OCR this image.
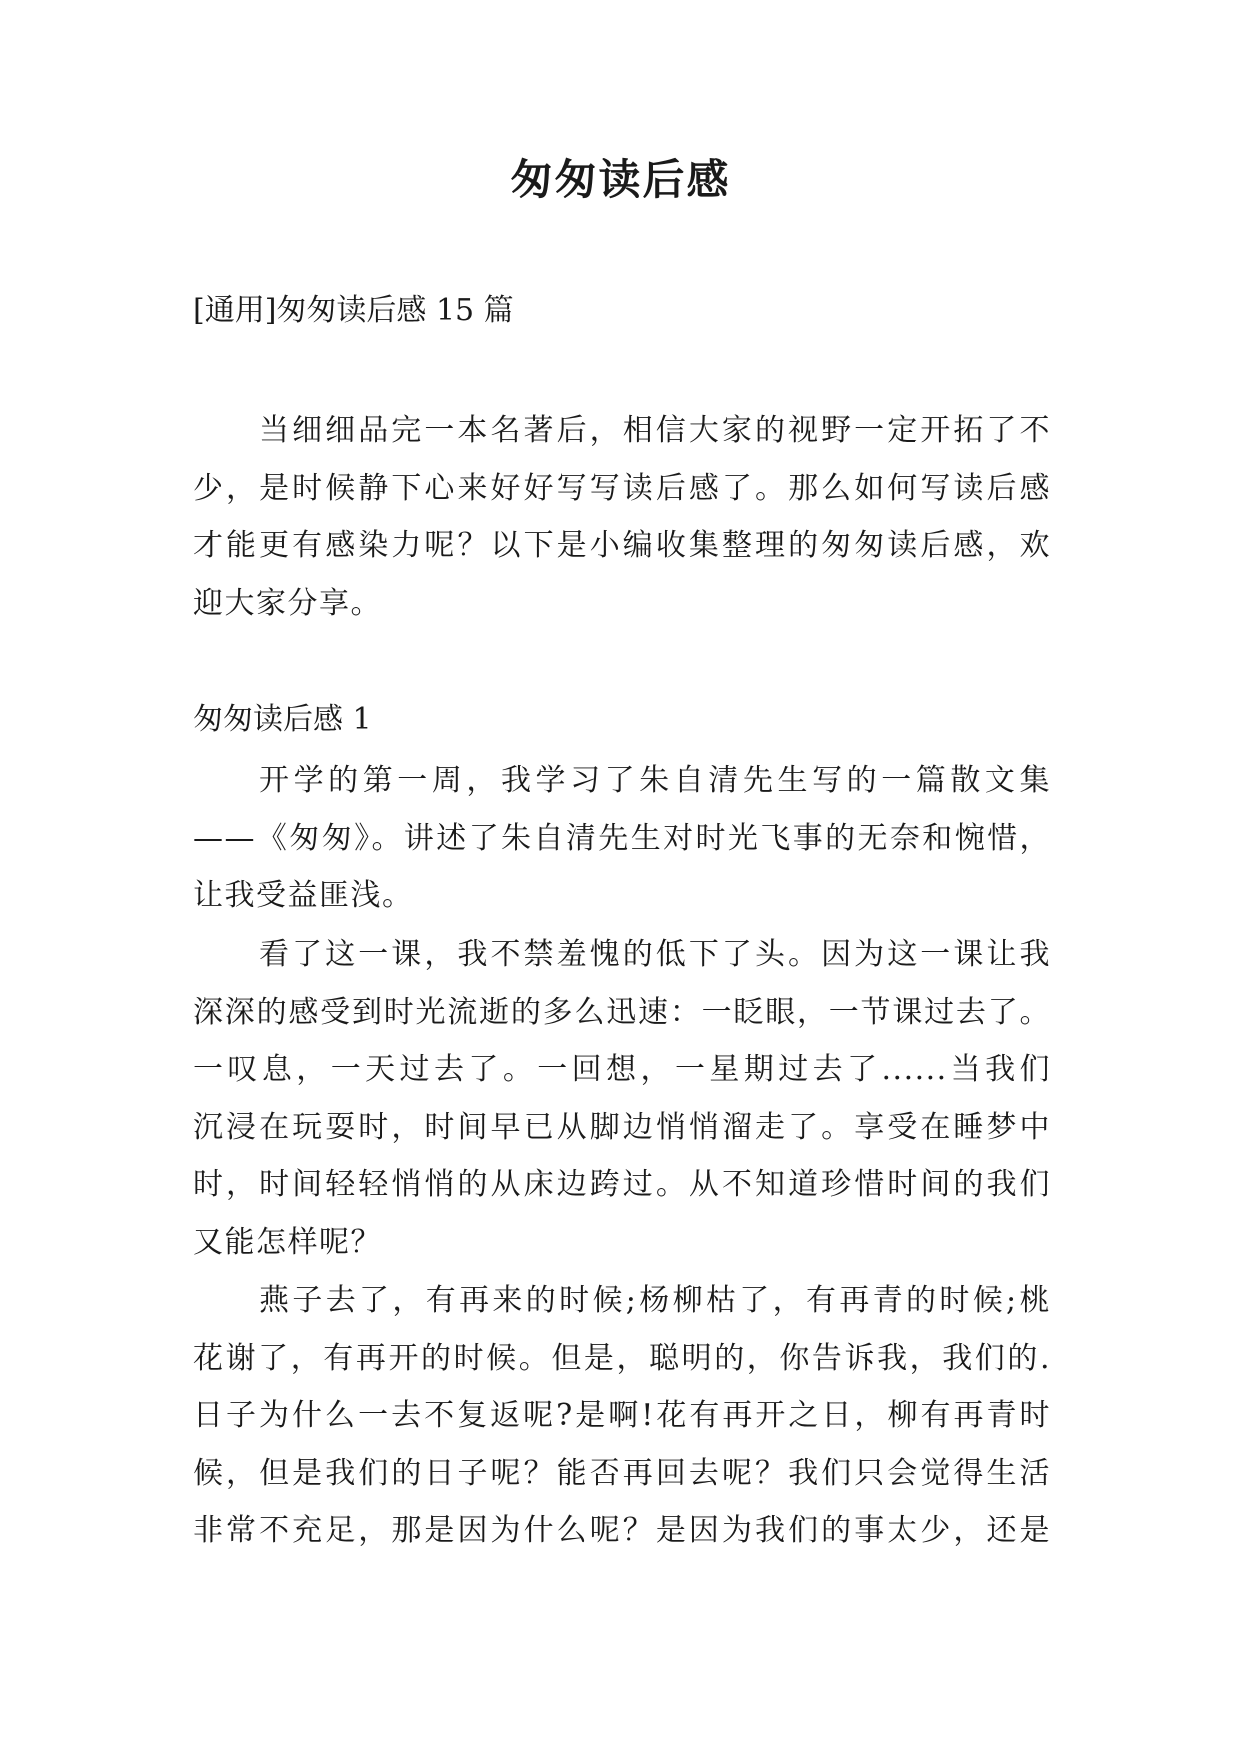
匆匆读后感
[通用]匆匆读后感 15 篇
当细细品完一本名著后，相信大家的视野一定开拓了不
少，是时候静下心来好好写写读后感了。那么如何写读后感
才能更有感染力呢？以下是小编收集整理的匆匆读后感，欢
迎大家分享。
匆匆读后感 1
开学的第一周，我学习了朱自清先生写的一篇散文集
——《匆匆》。讲述了朱自清先生对时光飞事的无奈和惋惜，
让我受益匪浅。
看了这一课，我不禁羞愧的低下了头。因为这一课让我
深深的感受到时光流逝的多么迅速：一眨眼，一节课过去了。
一叹息，一天过去了。一回想，一星期过去了......当我们
沉浸在玩耍时，时间早已从脚边悄悄溜走了。享受在睡梦中
时，时间轻轻悄悄的从床边跨过。从不知道珍惜时间的我们
又能怎样呢？
燕子去了，有再来的时候;杨柳枯了，有再青的时候;桃
花谢了，有再开的时候。但是，聪明的，你告诉我，我们的.
日子为什么一去不复返呢?是啊!花有再开之日，柳有再青时
候，但是我们的日子呢？能否再回去呢？我们只会觉得生活
非常不充足，那是因为什么呢？是因为我们的事太少，还是
